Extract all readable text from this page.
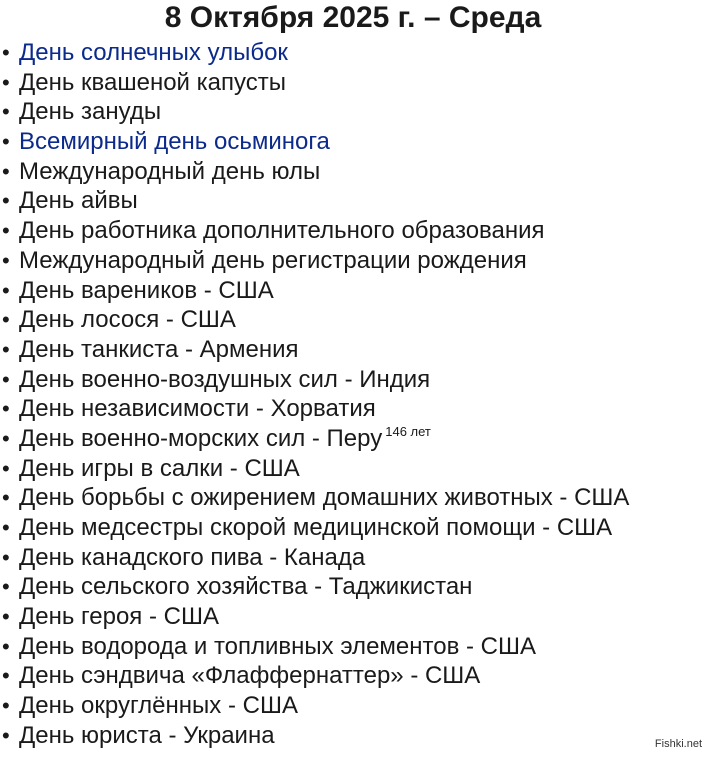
8 Октября 2025 г. – Среда
• День солнечных улыбок
• День квашеной капусты
• День зануды
• Всемирный день осьминога
• Международный день юлы
• День айвы
• День работника дополнительного образования
• Международный день регистрации рождения
• День вареников - США
• День лосося - США
• День танкиста - Армения
• День военно-воздушных сил - Индия
• День независимости - Хорватия
• День военно-морских сил - Перу 146 лет
• День игры в салки - США
• День борьбы с ожирением домашних животных - США
• День медсестры скорой медицинской помощи - США
• День канадского пива - Канада
• День сельского хозяйства - Таджикистан
• День героя - США
• День водорода и топливных элементов - США
• День сэндвича «Флаффернаттер» - США
• День округлённых - США
• День юриста - Украина	Fishki.net
